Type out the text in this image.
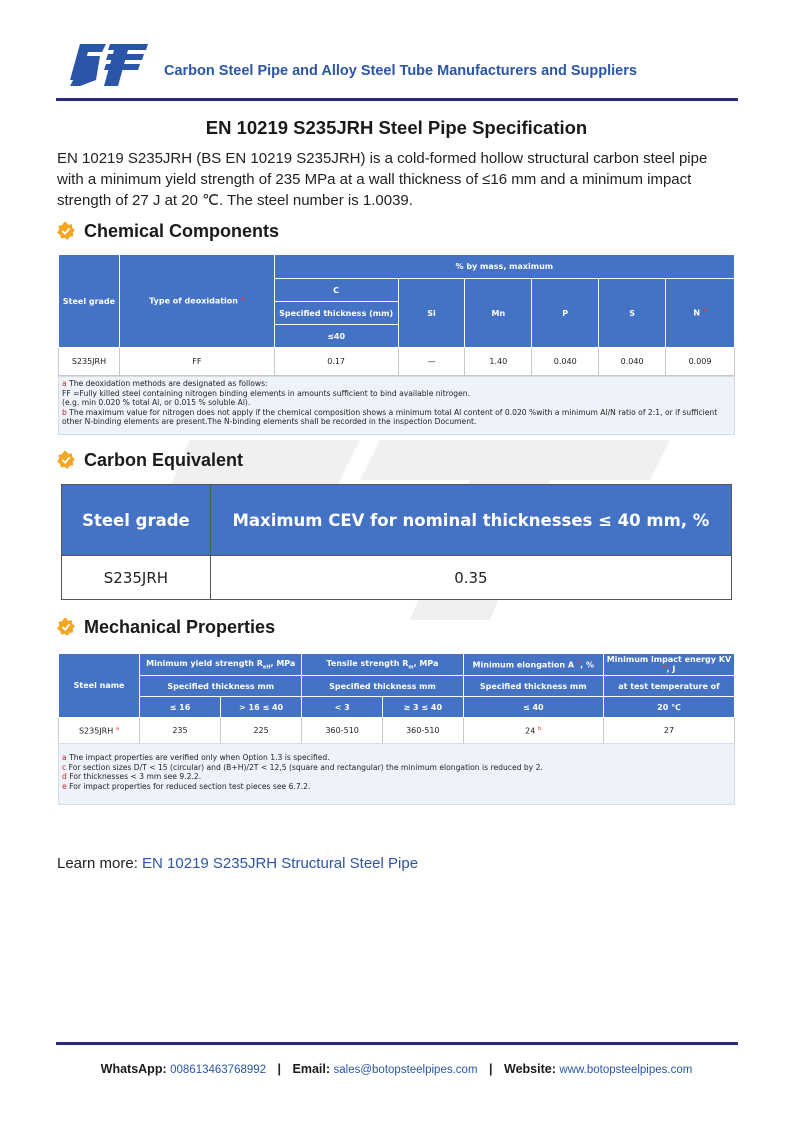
Carbon Steel Pipe and Alloy Steel Tube Manufacturers and Suppliers
EN 10219 S235JRH Steel Pipe Specification
EN 10219 S235JRH (BS EN 10219 S235JRH) is a cold-formed hollow structural carbon steel pipe with a minimum yield strength of 235 MPa at a wall thickness of ≤16 mm and a minimum impact strength of 27 J at 20 ℃. The steel number is 1.0039.
Chemical Components
Steel grade	Type of deoxidation $^a$	% by mass, maximum					
		C	Si	Mn	P	S	N $^a$
		Specified thickness (mm)					
		≤40					
S235JRH	FF	0.17	—	1.40	0.040	0.040	0.009
a The deoxidation methods are designated as follows:
FF =Fully killed steel containing nitrogen binding elements in amounts sufficient to bind available nitrogen.
(e.g. min 0.020 % total Al, or 0.015 % soluble Al).
b The maximum value for nitrogen does not apply if the chemical composition shows a minimum total Al content of 0.020 %with a minimum Al/N ratio of 2:1, or if sufficient other N-binding elements are present.The N-binding elements shall be recorded in the inspection Document.
Carbon Equivalent
Steel grade	Maximum CEV for nominal thicknesses ≤ 40 mm, %
S235JRH	0.35
Mechanical Properties
Steel name	Minimum yield strength $R_{eH}$, MPa		Tensile strength $R_m$, MPa		Minimum elongation A $^c$, %	Minimum impact energy KV $^d$, J
	Specified thickness mm		Specified thickness mm		Specified thickness mm	at test temperature of
	≤ 16	> 16 ≤ 40	< 3	≥ 3 ≤ 40	≤ 40	20 ℃
S235JRH $^a$	235	225	360-510	360-510	24 $^b$	27
a The impact properties are verified only when Option 1.3 is specified.
c For section sizes D/T < 15 (circular) and (B+H)/2T < 12,5 (square and rectangular) the minimum elongation is reduced by 2.
d For thicknesses < 3 mm see 9.2.2.
e For impact properties for reduced section test pieces see 6.7.2.
Learn more: EN 10219 S235JRH Structural Steel Pipe
WhatsApp: 008613463768992 | Email: sales@botopsteelpipes.com | Website: www.botopsteelpipes.com
